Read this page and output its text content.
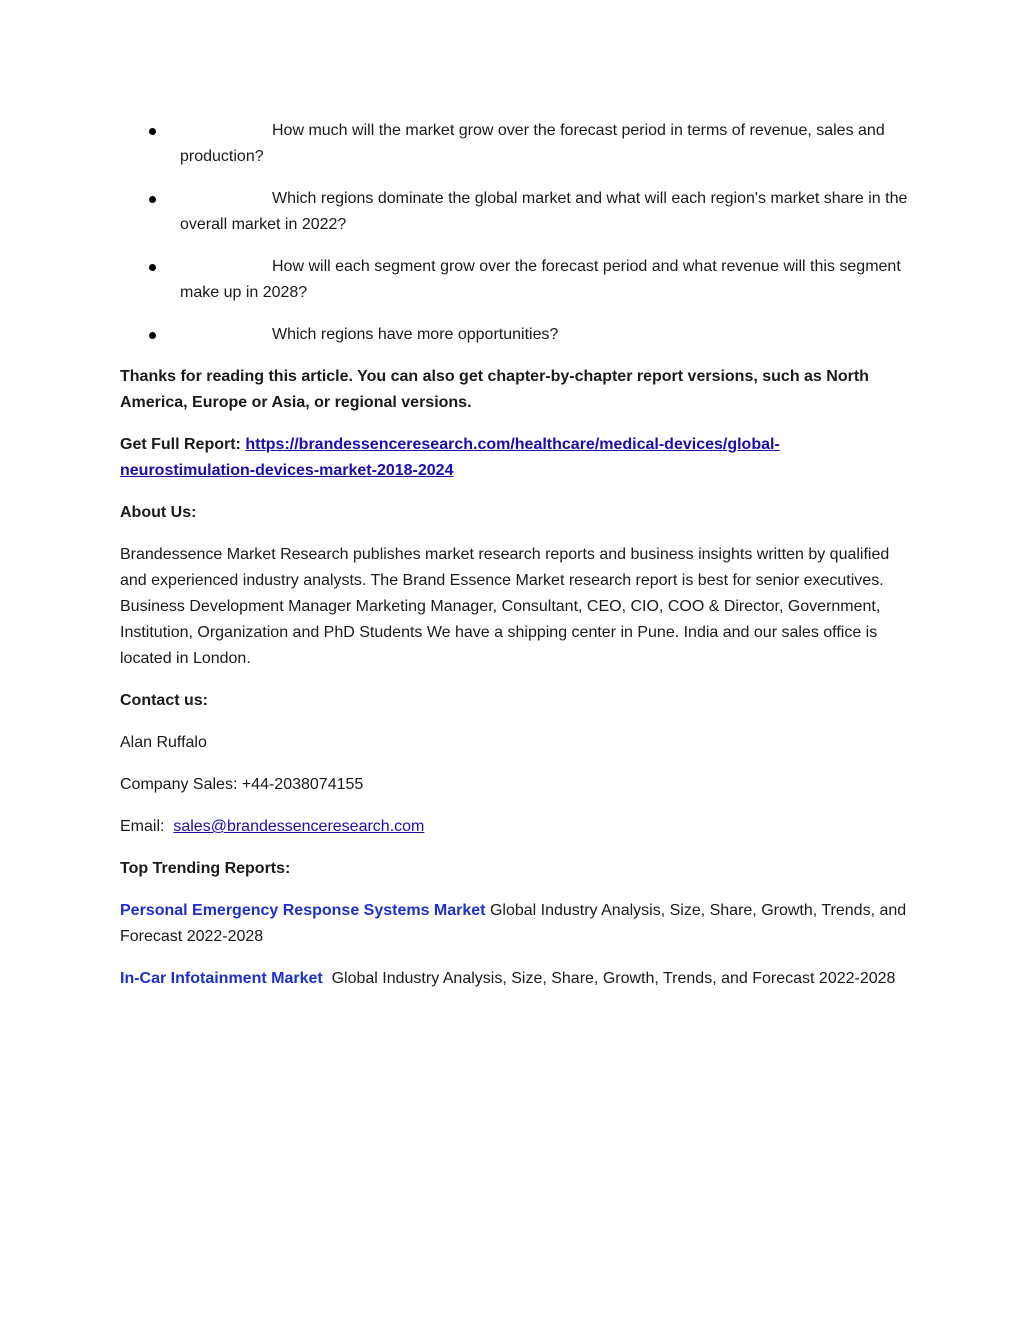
How much will the market grow over the forecast period in terms of revenue, sales and production?
Which regions dominate the global market and what will each region's market share in the overall market in 2022?
How will each segment grow over the forecast period and what revenue will this segment make up in 2028?
Which regions have more opportunities?

Thanks for reading this article. You can also get chapter-by-chapter report versions, such as North America, Europe or Asia, or regional versions.

Get Full Report: https://brandessenceresearch.com/healthcare/medical-devices/global-neurostimulation-devices-market-2018-2024

About Us:

Brandessence Market Research publishes market research reports and business insights written by qualified and experienced industry analysts. The Brand Essence Market research report is best for senior executives. Business Development Manager Marketing Manager, Consultant, CEO, CIO, COO & Director, Government, Institution, Organization and PhD Students We have a shipping center in Pune. India and our sales office is located in London.

Contact us:

Alan Ruffalo

Company Sales: +44-2038074155

Email: sales@brandessenceresearch.com

Top Trending Reports:

Personal Emergency Response Systems Market Global Industry Analysis, Size, Share, Growth, Trends, and Forecast 2022-2028

In-Car Infotainment Market  Global Industry Analysis, Size, Share, Growth, Trends, and Forecast 2022-2028
